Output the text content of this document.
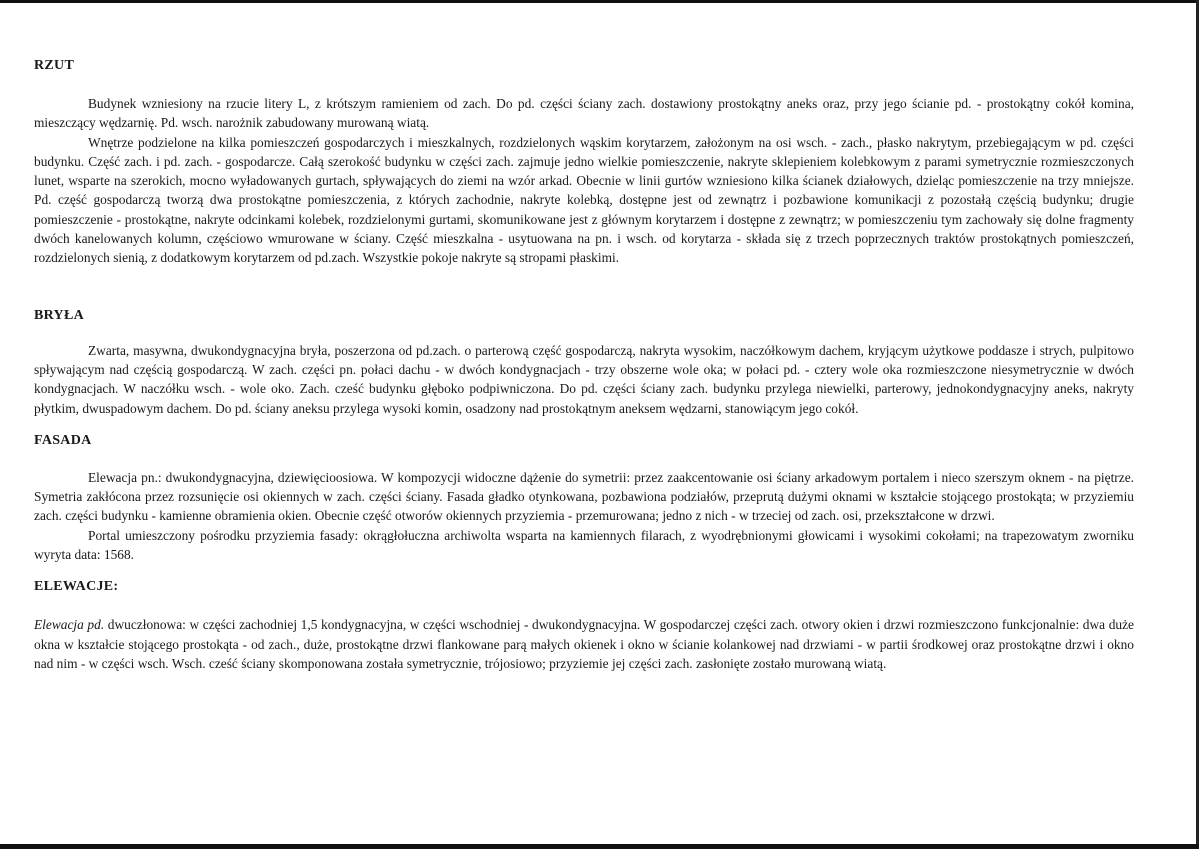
RZUT

Budynek wzniesiony na rzucie litery L, z krótszym ramieniem od zach. Do pd. części ściany zach. dostawiony prostokątny aneks oraz, przy jego ścianie pd. - prostokątny cokół komina, mieszczący wędzarnię. Pd. wsch. narożnik zabudowany murowaną wiatą.

Wnętrze podzielone na kilka pomieszczeń gospodarczych i mieszkalnych, rozdzielonych wąskim korytarzem, założonym na osi wsch. - zach., płasko nakrytym, przebiegającym w pd. części budynku. Część zach. i pd. zach. - gospodarcze. Całą szerokość budynku w części zach. zajmuje jedno wielkie pomieszczenie, nakryte sklepieniem kolebkowym z parami symetrycznie rozmieszczonych lunet, wsparte na szerokich, mocno wyładowanych gurtach, spływających do ziemi na wzór arkad. Obecnie w linii gurtów wzniesiono kilka ścianek działowych, dzieląc pomieszczenie na trzy mniejsze. Pd. część gospodarczą tworzą dwa prostokątne pomieszczenia, z których zachodnie, nakryte kolebką, dostępne jest od zewnątrz i pozbawione komunikacji z pozostałą częścią budynku; drugie pomieszczenie - prostokątne, nakryte odcinkami kolebek, rozdzielonymi gurtami, skomunikowane jest z głównym korytarzem i dostępne z zewnątrz; w pomieszczeniu tym zachowały się dolne fragmenty dwóch kanelowanych kolumn, częściowo wmurowane w ściany. Część mieszkalna - usytuowana na pn. i wsch. od korytarza - składa się z trzech poprzecznych traktów prostokątnych pomieszczeń, rozdzielonych sienią, z dodatkowym korytarzem od pd.zach. Wszystkie pokoje nakryte są stropami płaskimi.

BRYŁA

Zwarta, masywna, dwukondygnacyjna bryła, poszerzona od pd.zach. o parterową część gospodarczą, nakryta wysokim, naczółkowym dachem, kryjącym użytkowe poddasze i strych, pulpitowo spływającym nad częścią gospodarczą. W zach. części pn. połaci dachu - w dwóch kondygnacjach - trzy obszerne wole oka; w połaci pd. - cztery wole oka rozmieszczone niesymetrycznie w dwóch kondygnacjach. W naczółku wsch. - wole oko. Zach. cześć budynku głęboko podpiwniczona. Do pd. części ściany zach. budynku przylega niewielki, parterowy, jednokondygnacyjny aneks, nakryty płytkim, dwuspadowym dachem. Do pd. ściany aneksu przylega wysoki komin, osadzony nad prostokątnym aneksem wędzarni, stanowiącym jego cokół.

FASADA

Elewacja pn.: dwukondygnacyjna, dziewięcioosiowa. W kompozycji widoczne dążenie do symetrii: przez zaakcentowanie osi ściany arkadowym portalem i nieco szerszym oknem - na piętrze. Symetria zakłócona przez rozsunięcie osi okiennych w zach. części ściany. Fasada gładko otynkowana, pozbawiona podziałów, przeprutą dużymi oknami w kształcie stojącego prostokąta; w przyziemiu zach. części budynku - kamienne obramienia okien. Obecnie część otworów okiennych przyziemia - przemurowana; jedno z nich - w trzeciej od zach. osi, przekształcone w drzwi.

Portal umieszczony pośrodku przyziemia fasady: okrągłołuczna archiwolta wsparta na kamiennych filarach, z wyodrębnionymi głowicami i wysokimi cokołami; na trapezowatym zworniku wyryta data: 1568.

ELEWACJE:

Elewacja pd. dwuczłonowa: w części zachodniej 1,5 kondygnacyjna, w części wschodniej - dwukondygnacyjna. W gospodarczej części zach. otwory okien i drzwi rozmieszczono funkcjonalnie: dwa duże okna w kształcie stojącego prostokąta - od zach., duże, prostokątne drzwi flankowane parą małych okienek i okno w ścianie kolankowej nad drzwiami - w partii środkowej oraz prostokątne drzwi i okno nad nim - w części wsch. Wsch. cześć ściany skomponowana została symetrycznie, trójosiowo; przyziemie jej części zach. zasłonięte zostało murowaną wiatą.
